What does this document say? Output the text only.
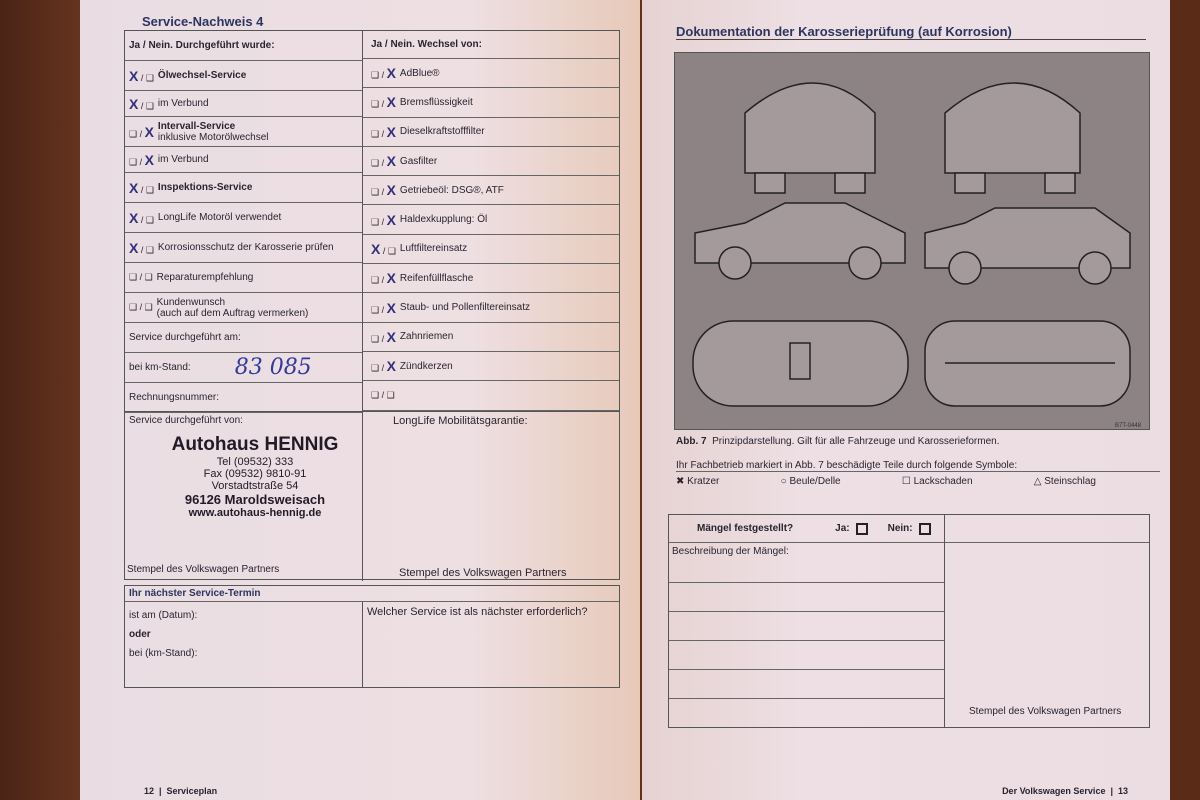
Service-Nachweis 4
Ja / Nein. Durchgeführt wurde:
X / ❑ Ölwechsel-Service
X / ❑ im Verbund
❑ / X Intervall-Service
inklusive Motorölwechsel
❑ / X im Verbund
X / ❑ Inspektions-Service
X / ❑ LongLife Motoröl verwendet
X / ❑ Korrosionsschutz der Karosserie prüfen
❑ / ❑ Reparaturempfehlung
❑ / ❑ Kundenwunsch
(auch auf dem Auftrag vermerken)
Service durchgeführt am:
bei km-Stand: 83 085
Rechnungsnummer:
Ja / Nein. Wechsel von:
❑ / X AdBlue®
❑ / X Bremsflüssigkeit
❑ / X Dieselkraftstofffilter
❑ / X Gasfilter
❑ / X Getriebeöl: DSG®, ATF
❑ / X Haldexkupplung: Öl
X / ❑ Luftfiltereinsatz
❑ / X Reifenfüllflasche
❑ / X Staub- und Pollenfiltereinsatz
❑ / X Zahnriemen
❑ / X Zündkerzen
❑ / ❑
Service durchgeführt von:
Autohaus HENNIG
Tel (09532) 333
Fax (09532) 9810-91
Vorstadtstraße 54
96126 Maroldsweisach
www.autohaus-hennig.de
Stempel des Volkswagen Partners
LongLife Mobilitätsgarantie:
Stempel des Volkswagen Partners
Ihr nächster Service-Termin
ist am (Datum):
oder
bei (km-Stand):
Welcher Service ist als nächster erforderlich?
12  |  Serviceplan
Dokumentation der Karosserieprüfung (auf Korrosion)
B7T-0448
Abb. 7 Prinzipdarstellung. Gilt für alle Fahrzeuge und Karosserieformen.
Ihr Fachbetrieb markiert in Abb. 7 beschädigte Teile durch folgende Symbole:
✖ Kratzer	○ Beule/Delle	☐ Lackschaden	△ Steinschlag
Mängel festgestellt?	Ja:	Nein:
Beschreibung der Mängel:
Stempel des Volkswagen Partners
Der Volkswagen Service  |  13
